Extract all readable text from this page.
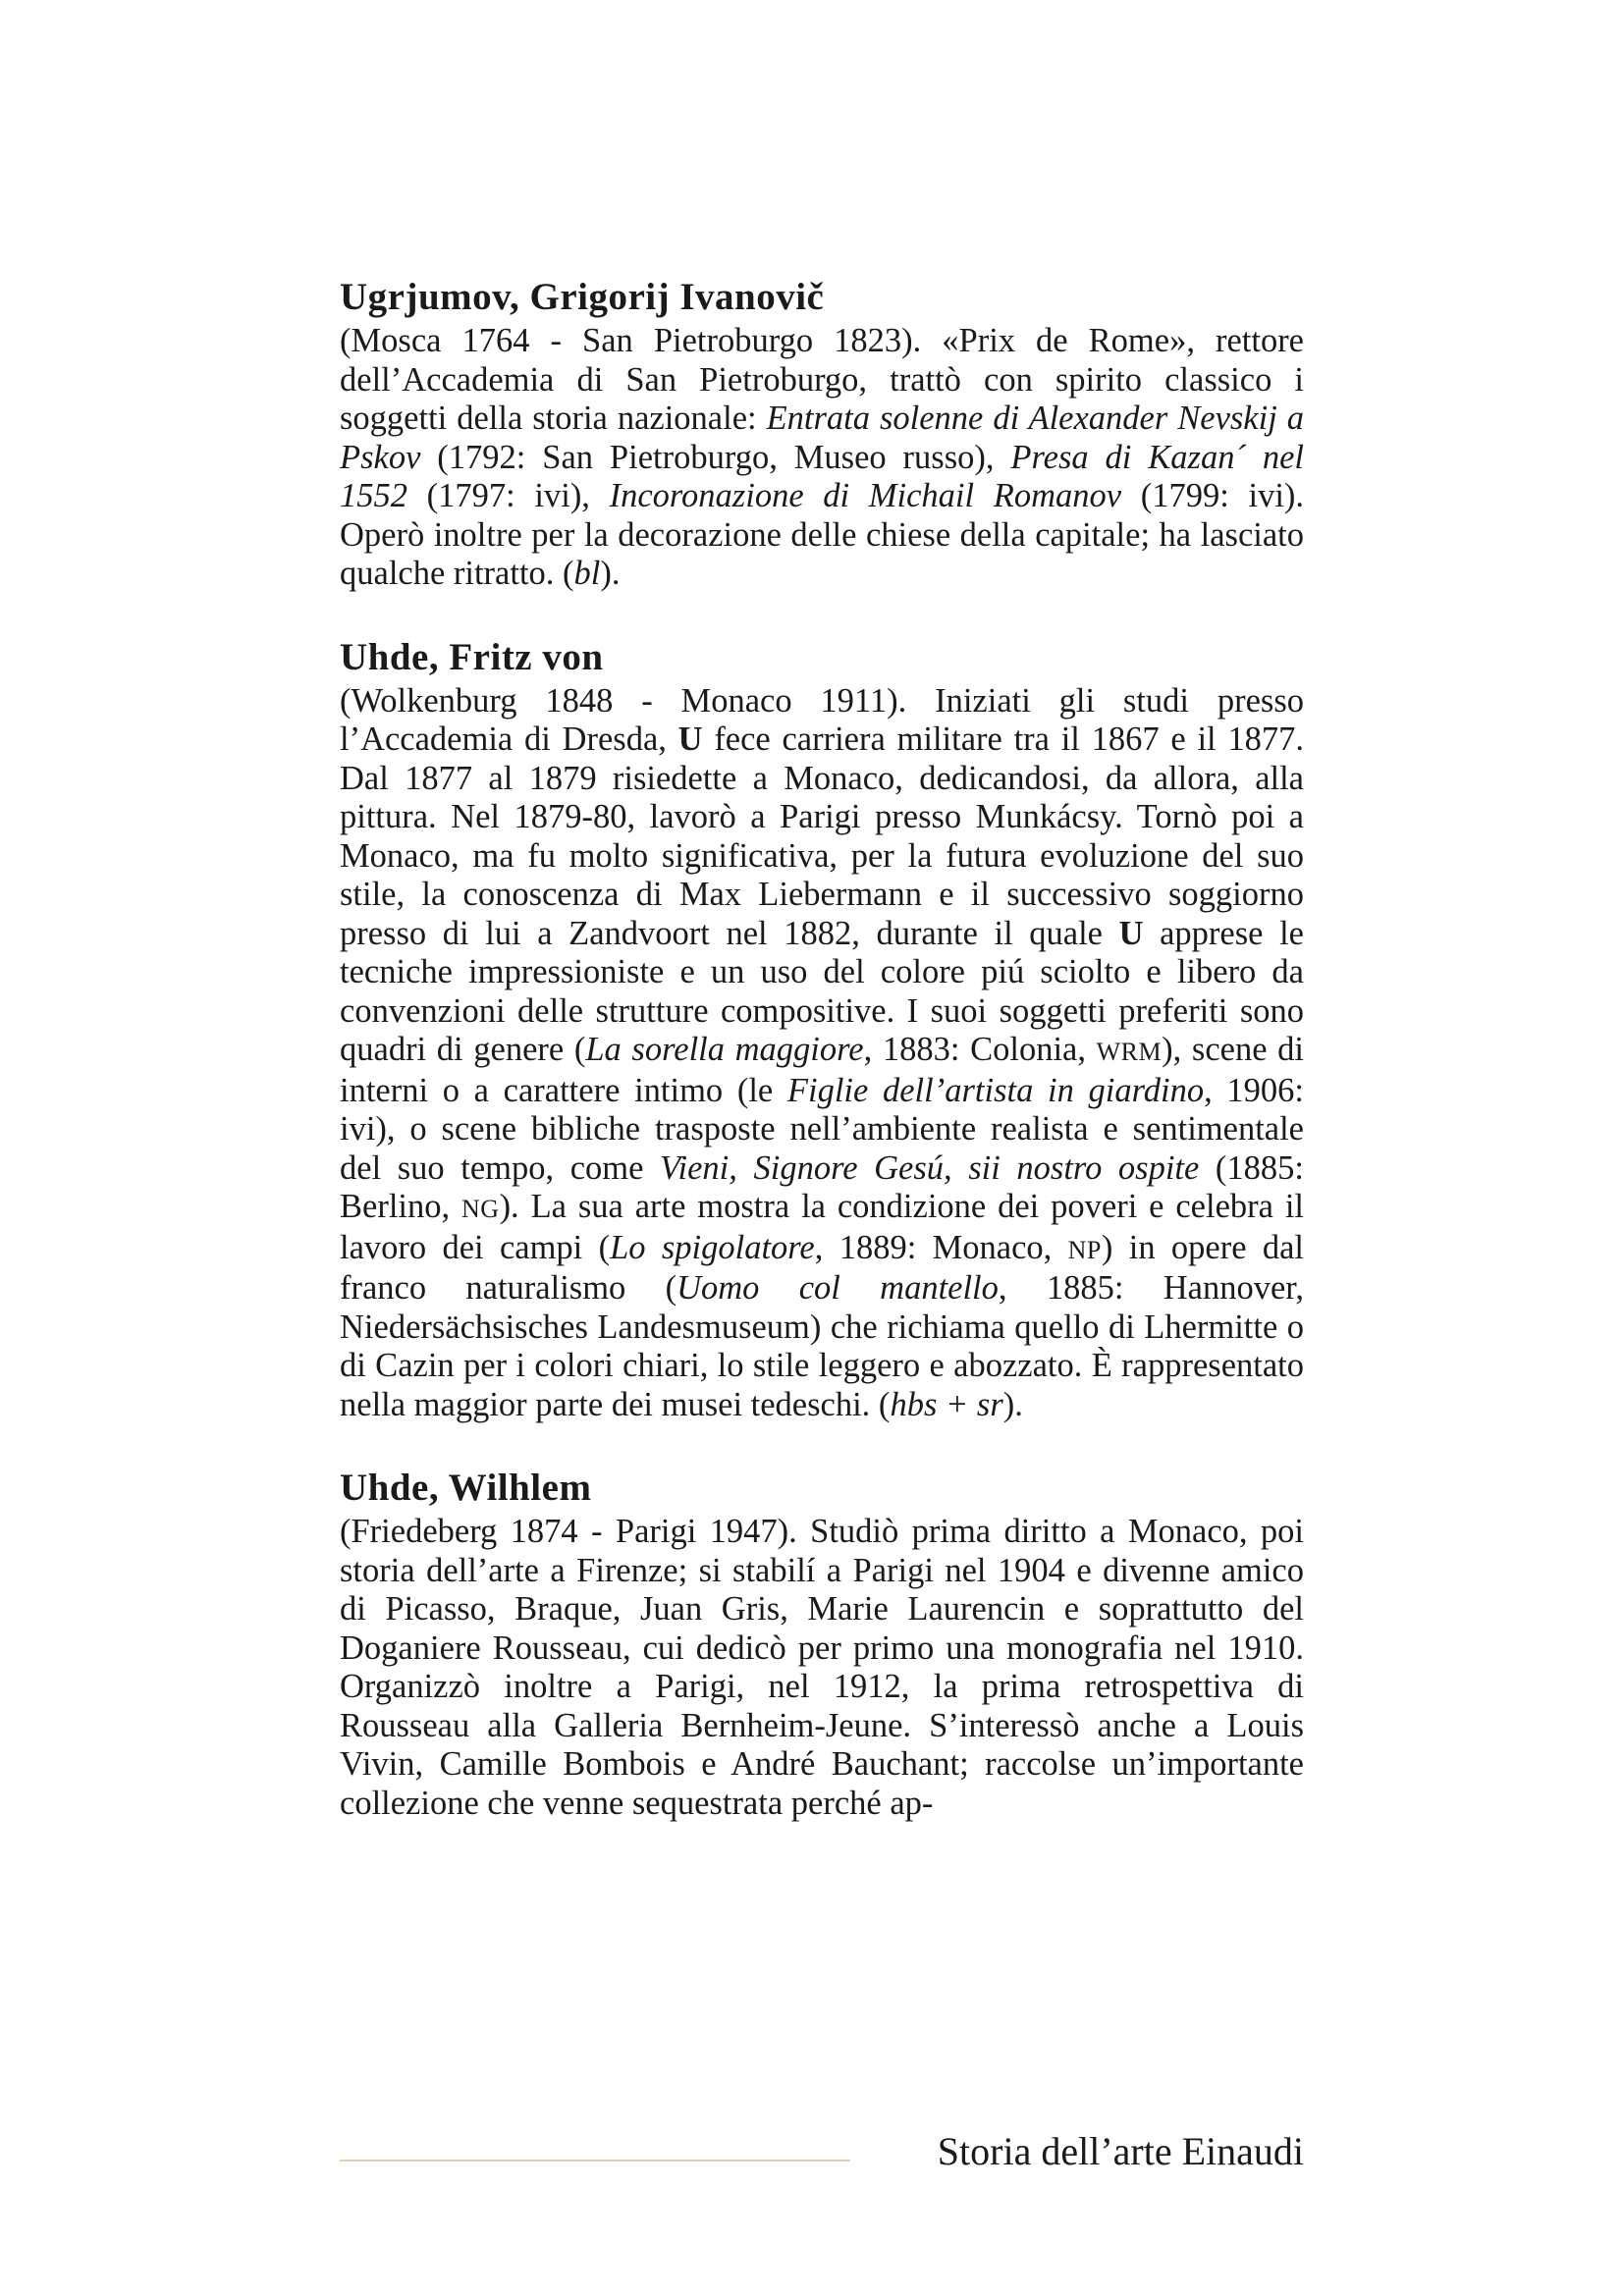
Ugrjumov, Grigorij Ivanovič

(Mosca 1764 - San Pietroburgo 1823). «Prix de Rome», rettore dell’Accademia di San Pietroburgo, trattò con spirito classico i soggetti della storia nazionale: Entrata solenne di Alexander Nevskij a Pskov (1792: San Pietroburgo, Museo russo), Presa di Kazan´ nel 1552 (1797: ivi), Incoronazione di Michail Romanov (1799: ivi). Operò inoltre per la decorazione delle chiese della capitale; ha lasciato qualche ritratto. (bl).

Uhde, Fritz von

(Wolkenburg 1848 - Monaco 1911). Iniziati gli studi presso l’Accademia di Dresda, U fece carriera militare tra il 1867 e il 1877. Dal 1877 al 1879 risiedette a Monaco, dedicandosi, da allora, alla pittura. Nel 1879-80, lavorò a Parigi presso Munkácsy. Tornò poi a Monaco, ma fu molto significativa, per la futura evoluzione del suo stile, la conoscenza di Max Liebermann e il successivo soggiorno presso di lui a Zandvoort nel 1882, durante il quale U apprese le tecniche impressioniste e un uso del colore piú sciolto e libero da convenzioni delle strutture compositive. I suoi soggetti preferiti sono quadri di genere (La sorella maggiore, 1883: Colonia, WRM), scene di interni o a carattere intimo (le Figlie dell’artista in giardino, 1906: ivi), o scene bibliche trasposte nell’ambiente realista e sentimentale del suo tempo, come Vieni, Signore Gesú, sii nostro ospite (1885: Berlino, NG). La sua arte mostra la condizione dei poveri e celebra il lavoro dei campi (Lo spigolatore, 1889: Monaco, NP) in opere dal franco naturalismo (Uomo col mantello, 1885: Hannover, Niedersächsisches Landesmuseum) che richiama quello di Lhermitte o di Cazin per i colori chiari, lo stile leggero e abozzato. È rappresentato nella maggior parte dei musei tedeschi. (hbs + sr).

Uhde, Wilhlem

(Friedeberg 1874 - Parigi 1947). Studiò prima diritto a Monaco, poi storia dell’arte a Firenze; si stabilí a Parigi nel 1904 e divenne amico di Picasso, Braque, Juan Gris, Marie Laurencin e soprattutto del Doganiere Rousseau, cui dedicò per primo una monografia nel 1910. Organizzò inoltre a Parigi, nel 1912, la prima retrospettiva di Rousseau alla Galleria Bernheim-Jeune. S’interessò anche a Louis Vivin, Camille Bombois e André Bauchant; raccolse un’importante collezione che venne sequestrata perché ap-

Storia dell’arte Einaudi
